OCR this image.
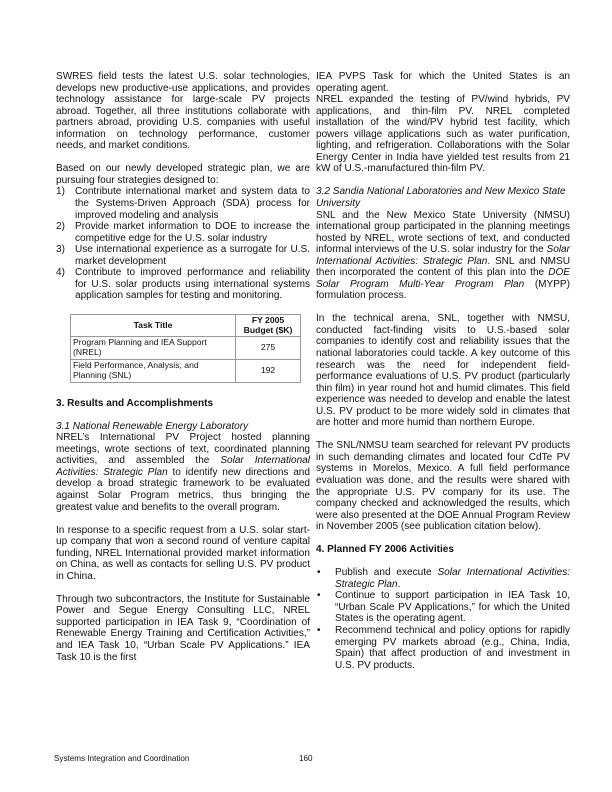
SWRES field tests the latest U.S. solar technologies, develops new productive-use applications, and provides technology assistance for large-scale PV projects abroad. Together, all three institutions collaborate with partners abroad, providing U.S. companies with useful information on technology performance, customer needs, and market conditions.

Based on our newly developed strategic plan, we are pursuing four strategies designed to:

1) Contribute international market and system data to the Systems-Driven Approach (SDA) process for improved modeling and analysis
2) Provide market information to DOE to increase the competitive edge for the U.S. solar industry
3) Use international experience as a surrogate for U.S. market development
4) Contribute to improved performance and reliability for U.S. solar products using international systems application samples for testing and monitoring.
Task Title	FY 2005 Budget ($K)
Program Planning and IEA Support (NREL)	275
Field Performance, Analysis, and Planning (SNL)	192
3. Results and Accomplishments
3.1 National Renewable Energy Laboratory

NREL’s International PV Project hosted planning meetings, wrote sections of text, coordinated planning activities, and assembled the Solar International Activities: Strategic Plan to identify new directions and develop a broad strategic framework to be evaluated against Solar Program metrics, thus bringing the greatest value and benefits to the overall program.

In response to a specific request from a U.S. solar start-up company that won a second round of venture capital funding, NREL International provided market information on China, as well as contacts for selling U.S. PV product in China.

Through two subcontractors, the Institute for Sustainable Power and Segue Energy Consulting LLC, NREL supported participation in IEA Task 9, “Coordination of Renewable Energy Training and Certification Activities,” and IEA Task 10, “Urban Scale PV Applications.” IEA Task 10 is the first

IEA PVPS Task for which the United States is an operating agent.

NREL expanded the testing of PV/wind hybrids, PV applications, and thin-film PV. NREL completed installation of the wind/PV hybrid test facility, which powers village applications such as water purification, lighting, and refrigeration. Collaborations with the Solar Energy Center in India have yielded test results from 21 kW of U.S.-manufactured thin-film PV.

3.2 Sandia National Laboratories and New Mexico State University

SNL and the New Mexico State University (NMSU) international group participated in the planning meetings hosted by NREL, wrote sections of text, and conducted informal interviews of the U.S. solar industry for the Solar International Activities: Strategic Plan. SNL and NMSU then incorporated the content of this plan into the DOE Solar Program Multi-Year Program Plan (MYPP) formulation process.

In the technical arena, SNL, together with NMSU, conducted fact-finding visits to U.S.-based solar companies to identify cost and reliability issues that the national laboratories could tackle. A key outcome of this research was the need for independent field-performance evaluations of U.S. PV product (particularly thin film) in year round hot and humid climates. This field experience was needed to develop and enable the latest U.S. PV product to be more widely sold in climates that are hotter and more humid than northern Europe.

The SNL/NMSU team searched for relevant PV products in such demanding climates and located four CdTe PV systems in Morelos, Mexico. A full field performance evaluation was done, and the results were shared with the appropriate U.S. PV company for its use. The company checked and acknowledged the results, which were also presented at the DOE Annual Program Review in November 2005 (see publication citation below).

4. Planned FY 2006 Activities
• Publish and execute Solar International Activities: Strategic Plan.
• Continue to support participation in IEA Task 10, “Urban Scale PV Applications,” for which the United States is the operating agent.
• Recommend technical and policy options for rapidly emerging PV markets abroad (e.g., China, India, Spain) that affect production of and investment in U.S. PV products.
Systems Integration and Coordination	160
